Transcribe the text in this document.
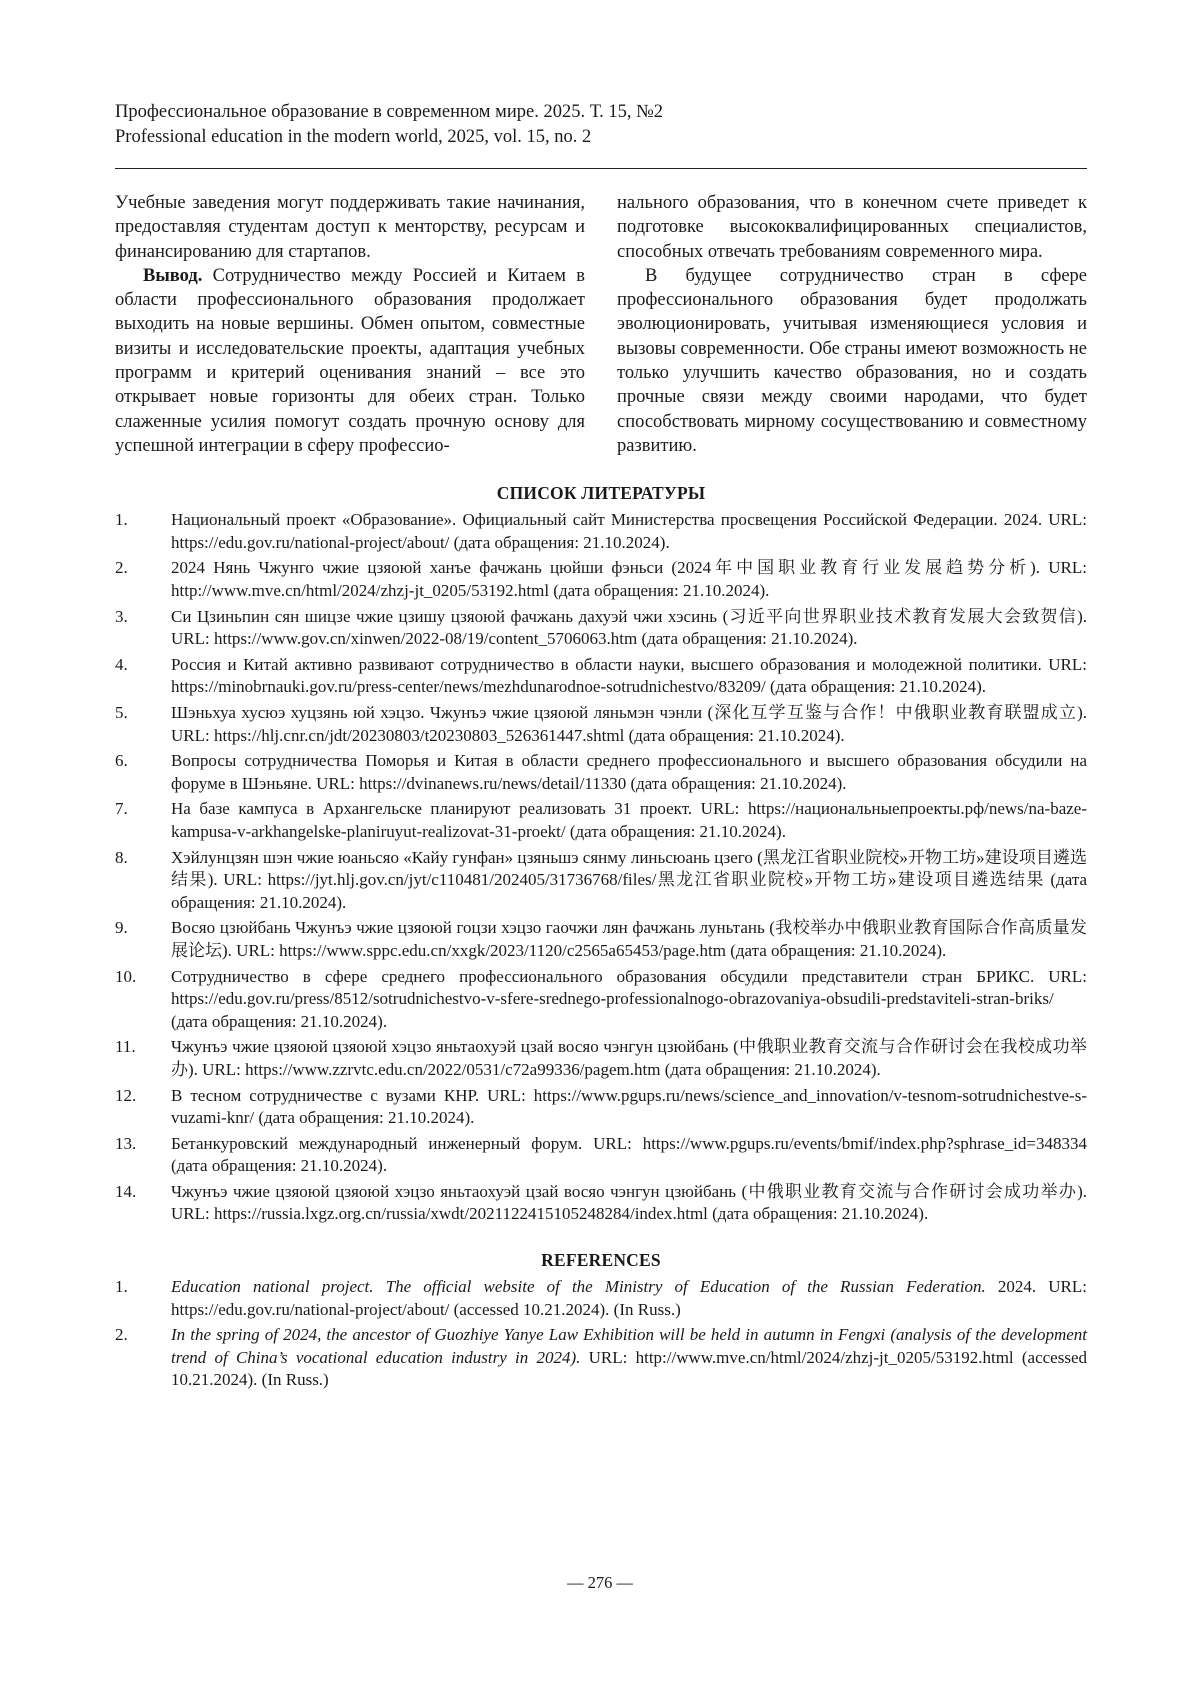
Профессиональное образование в современном мире. 2025. Т. 15, №2
Professional education in the modern world, 2025, vol. 15, no. 2

Учебные заведения могут поддерживать такие начинания, предоставляя студентам доступ к менторству, ресурсам и финансированию для стартапов.

Вывод. Сотрудничество между Россией и Китаем в области профессионального образования продолжает выходить на новые вершины. Обмен опытом, совместные визиты и исследовательские проекты, адаптация учебных программ и критерий оценивания знаний – все это открывает новые горизонты для обеих стран. Только слаженные усилия помогут создать прочную основу для успешной интеграции в сферу профессио-

нального образования, что в конечном счете приведет к подготовке высококвалифицированных специалистов, способных отвечать требованиям современного мира.

В будущее сотрудничество стран в сфере профессионального образования будет продолжать эволюционировать, учитывая изменяющиеся условия и вызовы современности. Обе страны имеют возможность не только улучшить качество образования, но и создать прочные связи между своими народами, что будет способствовать мирному сосуществованию и совместному развитию.

СПИСОК ЛИТЕРАТУРЫ
1.	Национальный проект «Образование». Официальный сайт Министерства просвещения Российской Федерации. 2024. URL: https://edu.gov.ru/national-project/about/ (дата обращения: 21.10.2024).
2.	2024 Нянь Чжунго чжие цзяоюй ханъе фачжань цюйши фэньси (2024年中国职业教育行业发展趋势分析). URL: http://www.mve.cn/html/2024/zhzj-jt_0205/53192.html (дата обращения: 21.10.2024).
3.	Си Цзиньпин сян шицзе чжие цзишу цзяоюй фачжань дахуэй чжи хэсинь (习近平向世界职业技术教育发展大会致贺信). URL: https://www.gov.cn/xinwen/2022-08/19/content_5706063.htm (дата обращения: 21.10.2024).
4.	Россия и Китай активно развивают сотрудничество в области науки, высшего образования и молодежной политики. URL: https://minobrnauki.gov.ru/press-center/news/mezhdunarodnoe-sotrudnichestvo/83209/ (дата обращения: 21.10.2024).
5.	Шэньхуа хусюэ хуцзянь юй хэцзо. Чжунъэ чжие цзяоюй ляньмэн чэнли (深化互学互鉴与合作！中俄职业教育联盟成立). URL: https://hlj.cnr.cn/jdt/20230803/t20230803_526361447.shtml (дата обращения: 21.10.2024).
6.	Вопросы сотрудничества Поморья и Китая в области среднего профессионального и высшего образования обсудили на форуме в Шэньяне. URL: https://dvinanews.ru/news/detail/11330 (дата обращения: 21.10.2024).
7.	На базе кампуса в Архангельске планируют реализовать 31 проект. URL: https://национальныепроекты.рф/news/na-baze-kampusa-v-arkhangelske-planiruyut-realizovat-31-proekt/ (дата обращения: 21.10.2024).
8.	Хэйлунцзян шэн чжие юаньсяо «Кайу гунфан» цзяньшэ сянму линьсюань цзего (黑龙江省职业院校»开物工坊»建设项目遴选结果). URL: https://jyt.hlj.gov.cn/jyt/c110481/202405/31736768/files/黑龙江省职业院校»开物工坊»建设项目遴选结果 (дата обращения: 21.10.2024).
9.	Восяо цзюйбань Чжунъэ чжие цзяоюй гоцзи хэцзо гаочжи лян фачжань луньтань (我校举办中俄职业教育国际合作高质量发展论坛). URL: https://www.sppc.edu.cn/xxgk/2023/1120/c2565a65453/page.htm (дата обращения: 21.10.2024).
10.	Сотрудничество в сфере среднего профессионального образования обсудили представители стран БРИКС. URL: https://edu.gov.ru/press/8512/sotrudnichestvo-v-sfere-srednego-professionalnogo-obrazovaniya-obsudili-predstaviteli-stran-briks/ (дата обращения: 21.10.2024).
11.	Чжунъэ чжие цзяоюй цзяоюй хэцзо яньтаохуэй цзай восяо чэнгун цзюйбань (中俄职业教育交流与合作研讨会在我校成功举办). URL: https://www.zzrvtc.edu.cn/2022/0531/c72a99336/pagem.htm (дата обращения: 21.10.2024).
12.	В тесном сотрудничестве с вузами КНР. URL: https://www.pgups.ru/news/science_and_innovation/v-tesnom-sotrudnichestve-s-vuzami-knr/ (дата обращения: 21.10.2024).
13.	Бетанкуровский международный инженерный форум. URL: https://www.pgups.ru/events/bmif/index.php?sphrase_id=348334 (дата обращения: 21.10.2024).
14.	Чжунъэ чжие цзяоюй цзяоюй хэцзо яньтаохуэй цзай восяо чэнгун цзюйбань (中俄职业教育交流与合作研讨会成功举办). URL: https://russia.lxgz.org.cn/russia/xwdt/2021122415105248284/index.html (дата обращения: 21.10.2024).
REFERENCES
1.	Education national project. The official website of the Ministry of Education of the Russian Federation. 2024. URL: https://edu.gov.ru/national-project/about/ (accessed 10.21.2024). (In Russ.)
2.	In the spring of 2024, the ancestor of Guozhiye Yanye Law Exhibition will be held in autumn in Fengxi (analysis of the development trend of China’s vocational education industry in 2024). URL: http://www.mve.cn/html/2024/zhzj-jt_0205/53192.html (accessed 10.21.2024). (In Russ.)
— 276 —
